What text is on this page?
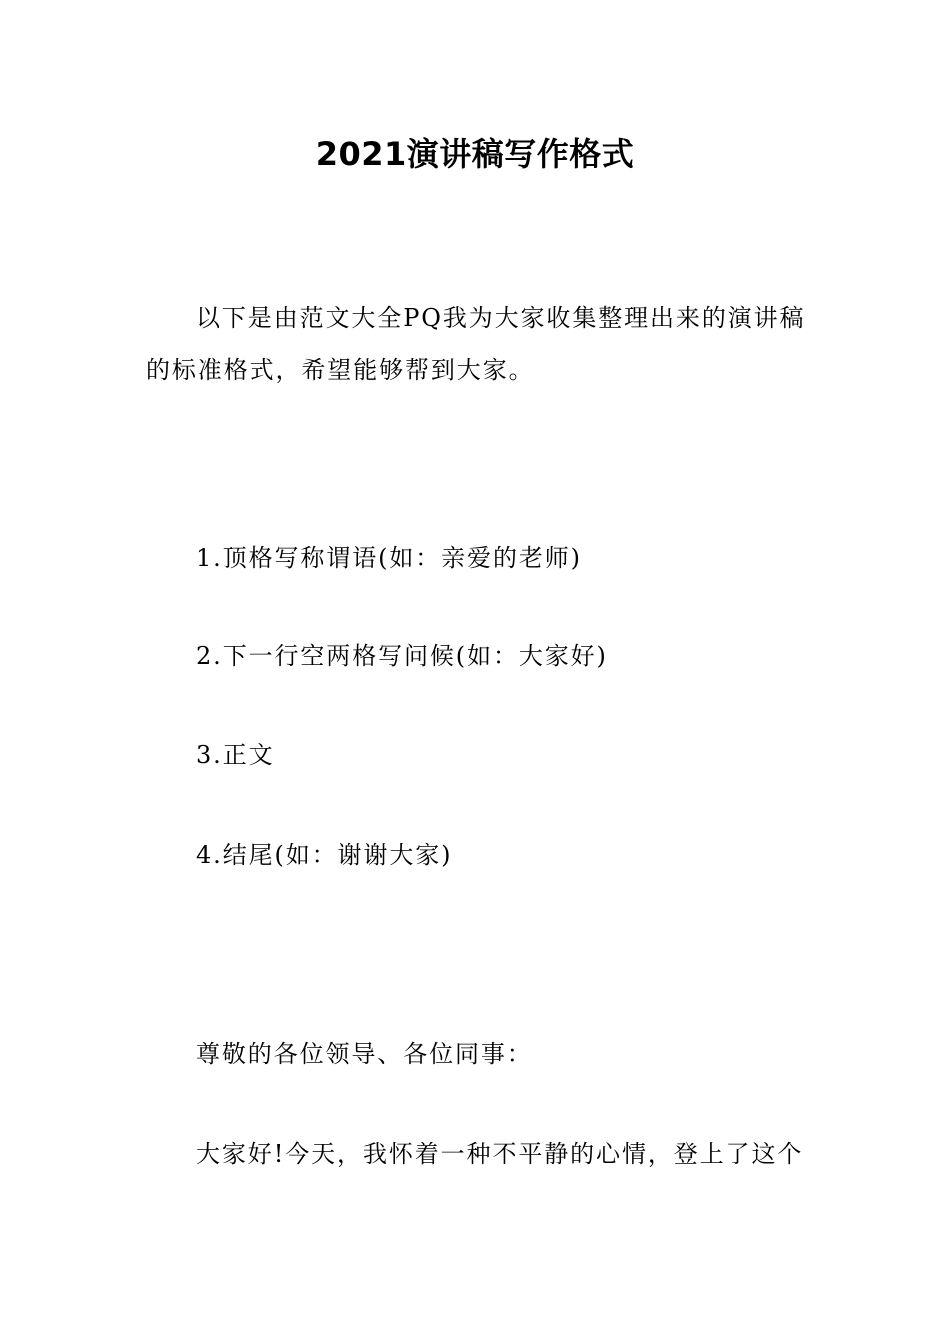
2021演讲稿写作格式
以下是由范文大全PQ我为大家收集整理出来的演讲稿
的标准格式，希望能够帮到大家。
1.顶格写称谓语(如：亲爱的老师)
2.下一行空两格写问候(如：大家好)
3.正文
4.结尾(如：谢谢大家)
尊敬的各位领导、各位同事：
大家好!今天，我怀着一种不平静的心情，登上了这个
